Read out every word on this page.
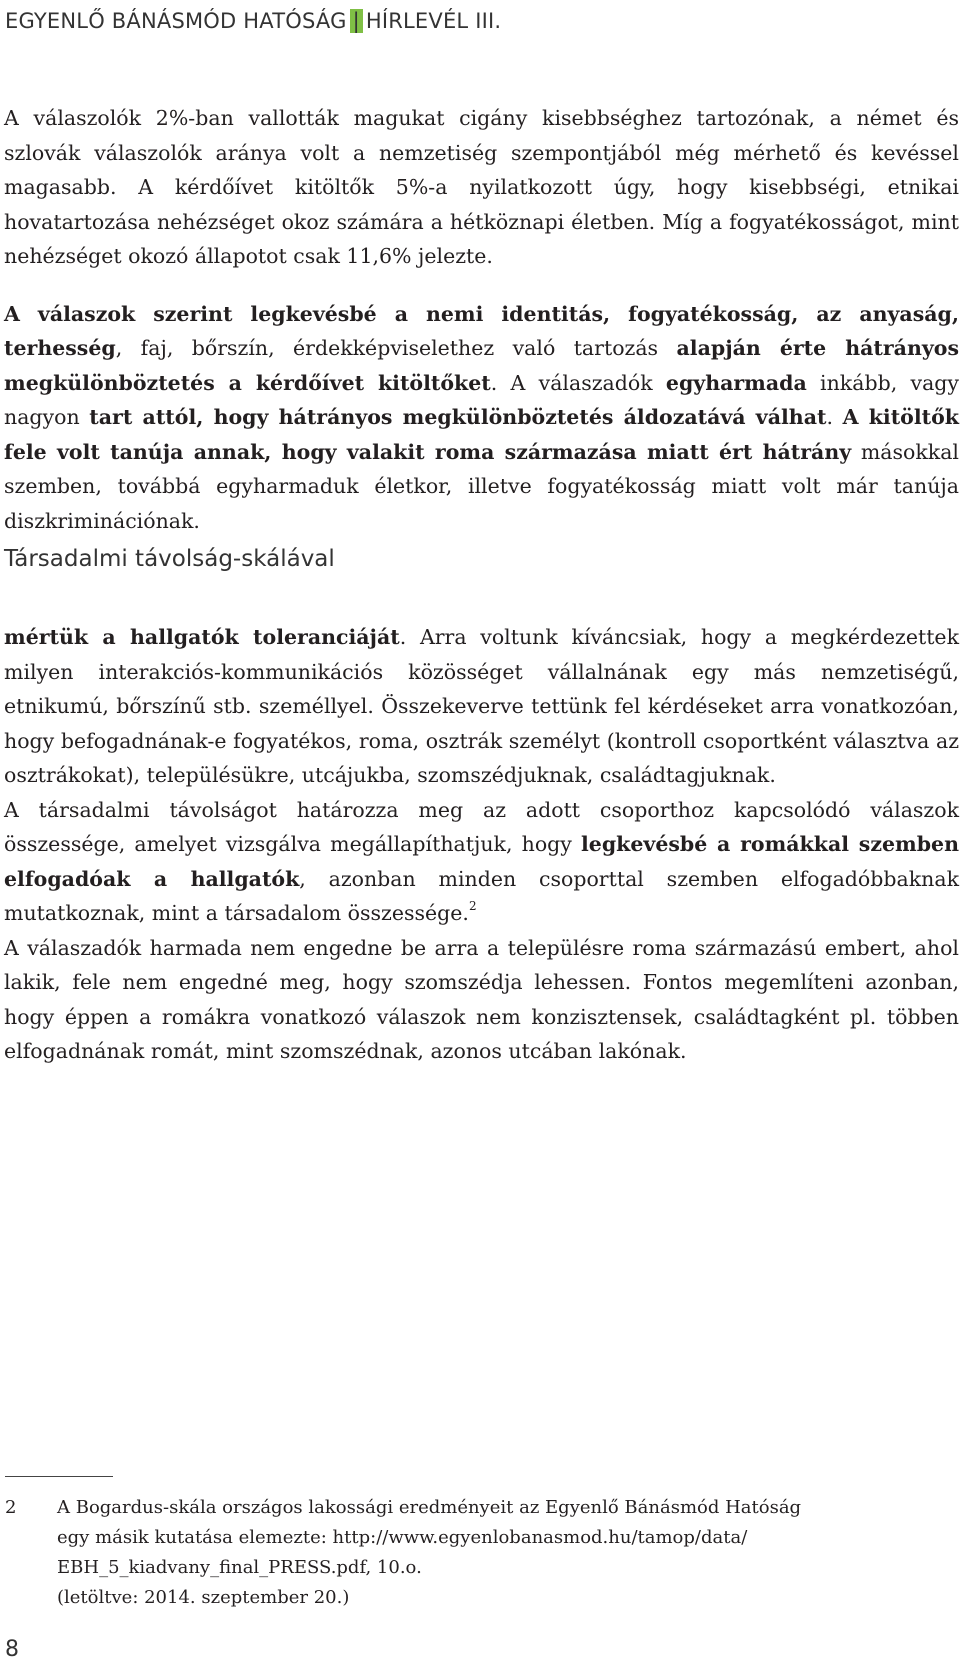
EGYENLŐ BÁNÁSMÓD HATÓSÁG | HÍRLEVÉL III.

A válaszolók 2%-ban vallották magukat cigány kisebbséghez tartozónak, a német és szlovák válaszolók aránya volt a nemzetiség szempontjából még mérhető és kevéssel magasabb. A kérdőívet kitöltők 5%-a nyilatkozott úgy, hogy kisebbségi, etnikai hovatartozása nehézséget okoz számára a hétköznapi életben. Míg a fogyatékosságot, mint nehézséget okozó állapotot csak 11,6% jelezte.

A válaszok szerint legkevésbé a nemi identitás, fogyatékosság, az anyaság, terhesség, faj, bőrszín, érdekképviselethez való tartozás alapján érte hátrányos megkülönböztetés a kérdőívet kitöltőket. A válaszadók egyharmada inkább, vagy nagyon tart attól, hogy hátrányos megkülönböztetés áldozatává válhat. A kitöltők fele volt tanúja annak, hogy valakit roma származása miatt ért hátrány másokkal szemben, továbbá egyharmaduk életkor, illetve fogyatékosság miatt volt már tanúja diszkriminációnak.

Társadalmi távolság-skálával

mértük a hallgatók toleranciáját. Arra voltunk kíváncsiak, hogy a megkérdezettek milyen interakciós-kommunikációs közösséget vállalnának egy más nemzetiségű, etnikumú, bőrszínű stb. személlyel. Összekeverve tettünk fel kérdéseket arra vonatkozóan, hogy befogadnának-e fogyatékos, roma, osztrák személyt (kontroll csoportként választva az osztrákokat), településükre, utcájukba, szomszédjuknak, családtagjuknak.

A társadalmi távolságot határozza meg az adott csoporthoz kapcsolódó válaszok összessége, amelyet vizsgálva megállapíthatjuk, hogy legkevésbé a romákkal szemben elfogadóak a hallgatók, azonban minden csoporttal szemben elfogadóbbaknak mutatkoznak, mint a társadalom összessége.$^2$

A válaszadók harmada nem engedne be arra a településre roma származású embert, ahol lakik, fele nem engedné meg, hogy szomszédja lehessen. Fontos megemlíteni azonban, hogy éppen a romákra vonatkozó válaszok nem konzisztensek, családtagként pl. többen elfogadnának romát, mint szomszédnak, azonos utcában lakónak.

2 A Bogardus-skála országos lakossági eredményeit az Egyenlő Bánásmód Hatóság
egy másik kutatása elemezte: http://www.egyenlobanasmod.hu/tamop/data/
EBH_5_kiadvany_final_PRESS.pdf, 10.o.
(letöltve: 2014. szeptember 20.)
8
